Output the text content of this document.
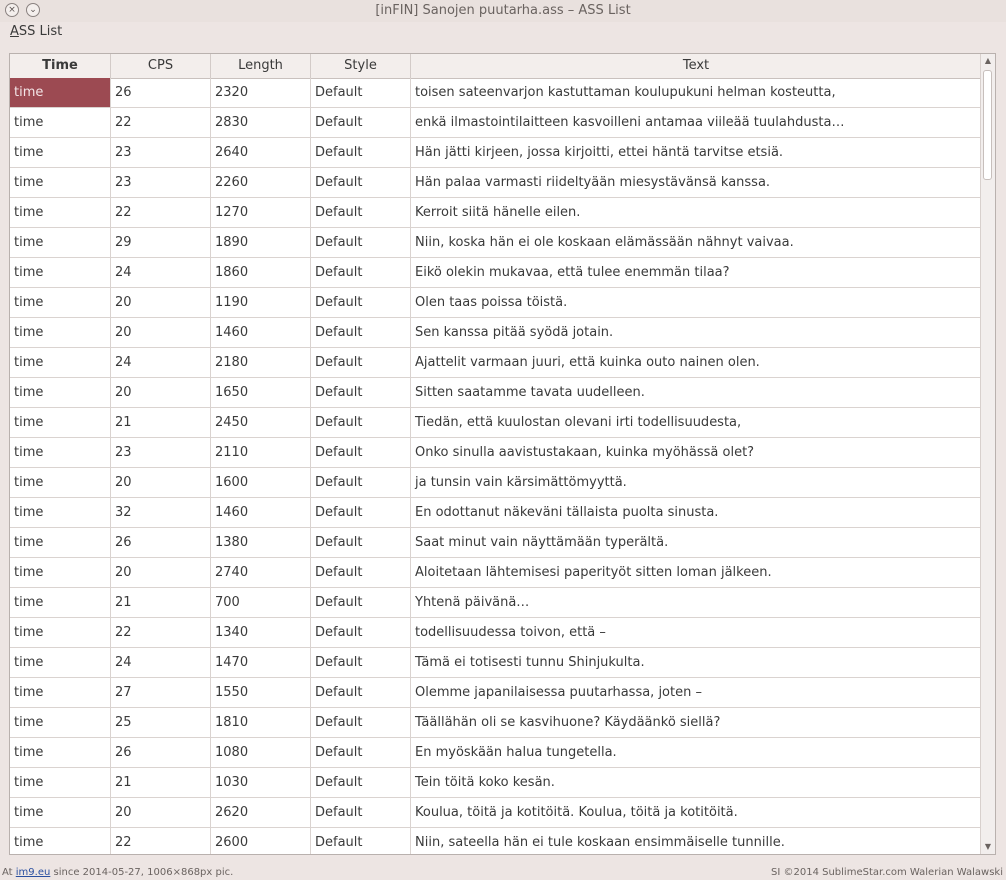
×	⌄	[inFIN] Sanojen puutarha.ass – ASS List
ASS List
Time	CPS	Length	Style	Text
time	26	2320	Default	toisen sateenvarjon kastuttaman koulupukuni helman kosteutta,
time	22	2830	Default	enkä ilmastointilaitteen kasvoilleni antamaa viileää tuulahdusta…
time	23	2640	Default	Hän jätti kirjeen, jossa kirjoitti, ettei häntä tarvitse etsiä.
time	23	2260	Default	Hän palaa varmasti riideltyään miesystävänsä kanssa.
time	22	1270	Default	Kerroit siitä hänelle eilen.
time	29	1890	Default	Niin, koska hän ei ole koskaan elämässään nähnyt vaivaa.
time	24	1860	Default	Eikö olekin mukavaa, että tulee enemmän tilaa?
time	20	1190	Default	Olen taas poissa töistä.
time	20	1460	Default	Sen kanssa pitää syödä jotain.
time	24	2180	Default	Ajattelit varmaan juuri, että kuinka outo nainen olen.
time	20	1650	Default	Sitten saatamme tavata uudelleen.
time	21	2450	Default	Tiedän, että kuulostan olevani irti todellisuudesta,
time	23	2110	Default	Onko sinulla aavistustakaan, kuinka myöhässä olet?
time	20	1600	Default	ja tunsin vain kärsimättömyyttä.
time	32	1460	Default	En odottanut näkeväni tällaista puolta sinusta.
time	26	1380	Default	Saat minut vain näyttämään typerältä.
time	20	2740	Default	Aloitetaan lähtemisesi paperityöt sitten loman jälkeen.
time	21	700	Default	Yhtenä päivänä…
time	22	1340	Default	todellisuudessa toivon, että –
time	24	1470	Default	Tämä ei totisesti tunnu Shinjukulta.
time	27	1550	Default	Olemme japanilaisessa puutarhassa, joten –
time	25	1810	Default	Täällähän oli se kasvihuone? Käydäänkö siellä?
time	26	1080	Default	En myöskään halua tungetella.
time	21	1030	Default	Tein töitä koko kesän.
time	20	2620	Default	Koulua, töitä ja kotitöitä. Koulua, töitä ja kotitöitä.
time	22	2600	Default	Niin, sateella hän ei tule koskaan ensimmäiselle tunnille.
▲
▼
At im9.eu since 2014-05-27, 1006×868px pic.	SI ©2014 SublimeStar.com Walerian Walawski
